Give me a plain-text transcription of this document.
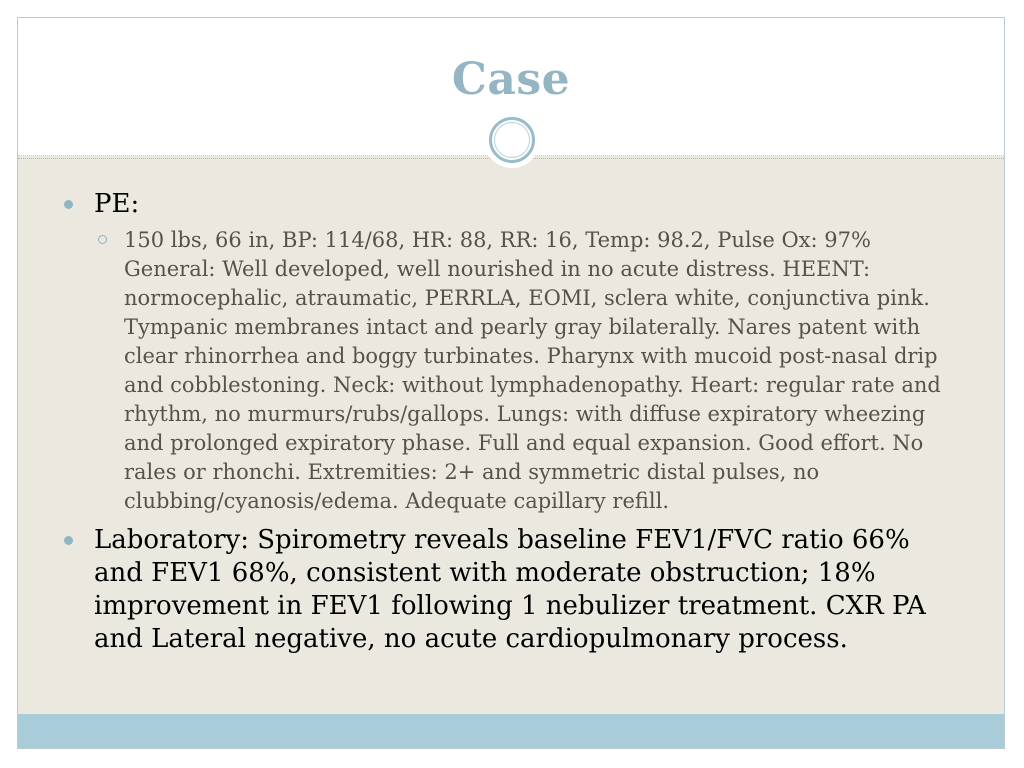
Case
PE:
150 lbs, 66 in, BP: 114/68, HR: 88, RR: 16, Temp: 98.2, Pulse Ox: 97% General: Well developed, well nourished in no acute distress. HEENT: normocephalic, atraumatic, PERRLA, EOMI, sclera white, conjunctiva pink. Tympanic membranes intact and pearly gray bilaterally. Nares patent with clear rhinorrhea and boggy turbinates. Pharynx with mucoid post-nasal drip and cobblestoning. Neck: without lymphadenopathy. Heart: regular rate and rhythm, no murmurs/rubs/gallops. Lungs: with diffuse expiratory wheezing and prolonged expiratory phase. Full and equal expansion. Good effort. No rales or rhonchi. Extremities: 2+ and symmetric distal pulses, no clubbing/cyanosis/edema. Adequate capillary refill.
Laboratory: Spirometry reveals baseline FEV1/FVC ratio 66% and FEV1 68%, consistent with moderate obstruction; 18% improvement in FEV1 following 1 nebulizer treatment. CXR PA and Lateral negative, no acute cardiopulmonary process.
